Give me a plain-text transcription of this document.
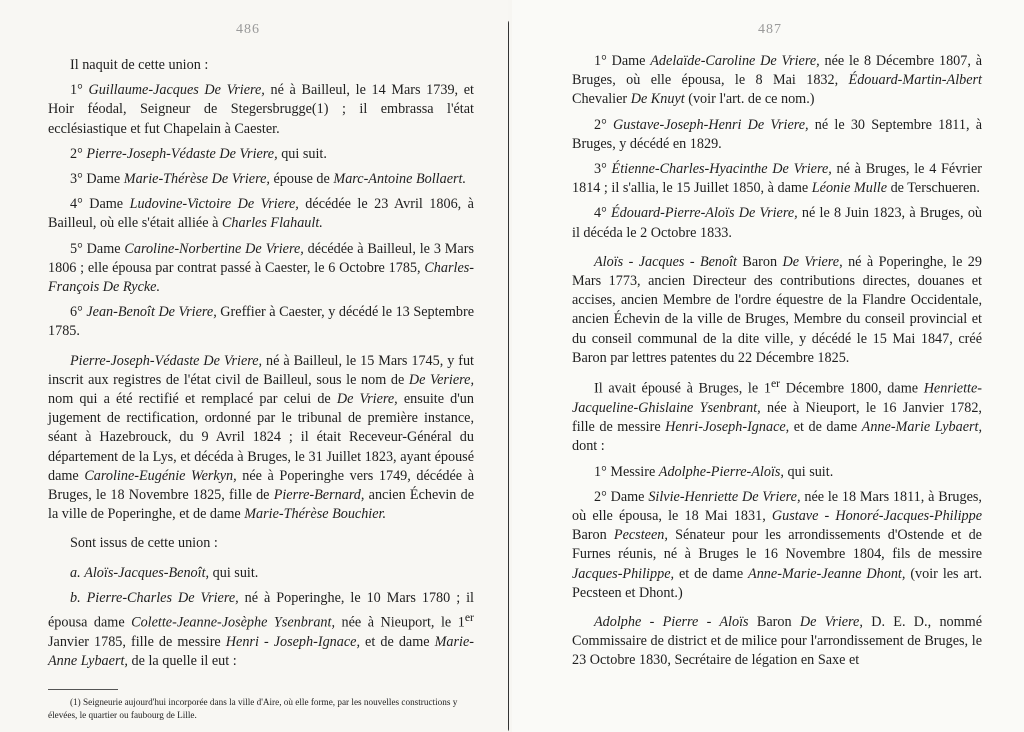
486

Il naquit de cette union :

1° Guillaume-Jacques De Vriere, né à Bailleul, le 14 Mars 1739, et Hoir féodal, Seigneur de Stegersbrugge(1) ; il embrassa l'état ecclésiastique et fut Chapelain à Caester.

2° Pierre-Joseph-Védaste De Vriere, qui suit.

3° Dame Marie-Thérèse De Vriere, épouse de Marc-Antoine Bollaert.

4° Dame Ludovine-Victoire De Vriere, décédée le 23 Avril 1806, à Bailleul, où elle s'était alliée à Charles Flahault.

5° Dame Caroline-Norbertine De Vriere, décédée à Bailleul, le 3 Mars 1806 ; elle épousa par contrat passé à Caester, le 6 Octobre 1785, Charles-François De Rycke.

6° Jean-Benoît De Vriere, Greffier à Caester, y décédé le 13 Septembre 1785.

Pierre-Joseph-Védaste De Vriere, né à Bailleul, le 15 Mars 1745, y fut inscrit aux registres de l'état civil de Bailleul, sous le nom de De Veriere, nom qui a été rectifié et remplacé par celui de De Vriere, ensuite d'un jugement de rectification, ordonné par le tribunal de première instance, séant à Hazebrouck, du 9 Avril 1824 ; il était Receveur-Général du département de la Lys, et décéda à Bruges, le 31 Juillet 1823, ayant épousé dame Caroline-Eugénie Werkyn, née à Poperinghe vers 1749, décédée à Bruges, le 18 Novembre 1825, fille de Pierre-Bernard, ancien Échevin de la ville de Poperinghe, et de dame Marie-Thérèse Bouchier.

Sont issus de cette union :

a. Aloïs-Jacques-Benoît, qui suit.

b. Pierre-Charles De Vriere, né à Poperinghe, le 10 Mars 1780 ; il épousa dame Colette-Jeanne-Josèphe Ysenbrant, née à Nieuport, le 1er Janvier 1785, fille de messire Henri - Joseph-Ignace, et de dame Marie-Anne Lybaert, de la quelle il eut :

(1) Seigneurie aujourd'hui incorporée dans la ville d'Aire, où elle forme, par les nouvelles constructions y élevées, le quartier ou faubourg de Lille.

487

1° Dame Adelaïde-Caroline De Vriere, née le 8 Décembre 1807, à Bruges, où elle épousa, le 8 Mai 1832, Édouard-Martin-Albert Chevalier De Knuyt (voir l'art. de ce nom.)

2° Gustave-Joseph-Henri De Vriere, né le 30 Septembre 1811, à Bruges, y décédé en 1829.

3° Étienne-Charles-Hyacinthe De Vriere, né à Bruges, le 4 Février 1814 ; il s'allia, le 15 Juillet 1850, à dame Léonie Mulle de Terschueren.

4° Édouard-Pierre-Aloïs De Vriere, né le 8 Juin 1823, à Bruges, où il décéda le 2 Octobre 1833.

Aloïs - Jacques - Benoît Baron De Vriere, né à Poperinghe, le 29 Mars 1773, ancien Directeur des contributions directes, douanes et accises, ancien Membre de l'ordre équestre de la Flandre Occidentale, ancien Échevin de la ville de Bruges, Membre du conseil provincial et du conseil communal de la dite ville, y décédé le 15 Mai 1847, créé Baron par lettres patentes du 22 Décembre 1825.

Il avait épousé à Bruges, le 1er Décembre 1800, dame Henriette-Jacqueline-Ghislaine Ysenbrant, née à Nieuport, le 16 Janvier 1782, fille de messire Henri-Joseph-Ignace, et de dame Anne-Marie Lybaert, dont :

1° Messire Adolphe-Pierre-Aloïs, qui suit.

2° Dame Silvie-Henriette De Vriere, née le 18 Mars 1811, à Bruges, où elle épousa, le 18 Mai 1831, Gustave - Honoré-Jacques-Philippe Baron Pecsteen, Sénateur pour les arrondissements d'Ostende et de Furnes réunis, né à Bruges le 16 Novembre 1804, fils de messire Jacques-Philippe, et de dame Anne-Marie-Jeanne Dhont, (voir les art. Pecsteen et Dhont.)

Adolphe - Pierre - Aloïs Baron De Vriere, D. E. D., nommé Commissaire de district et de milice pour l'arrondissement de Bruges, le 23 Octobre 1830, Secrétaire de légation en Saxe et
